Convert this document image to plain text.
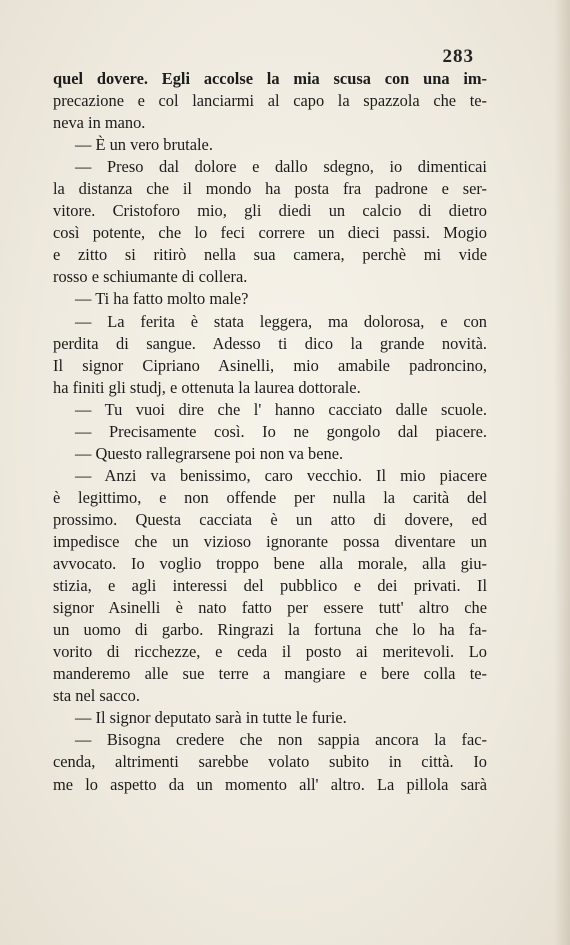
283
quel dovere. Egli accolse la mia scusa con una im-
precazione e col lanciarmi al capo la spazzola che te-
neva in mano.
— È un vero brutale.
— Preso dal dolore e dallo sdegno, io dimenticai
la distanza che il mondo ha posta fra padrone e ser-
vitore. Cristoforo mio, gli diedi un calcio di dietro
così potente, che lo feci correre un dieci passi. Mogio
e zitto si ritirò nella sua camera, perchè mi vide
rosso e schiumante di collera.
— Ti ha fatto molto male?
— La ferita è stata leggera, ma dolorosa, e con
perdita di sangue. Adesso ti dico la grande novità.
Il signor Cipriano Asinelli, mio amabile padroncino,
ha finiti gli studj, e ottenuta la laurea dottorale.
— Tu vuoi dire che l' hanno cacciato dalle scuole.
— Precisamente così. Io ne gongolo dal piacere.
— Questo rallegrarsene poi non va bene.
— Anzi va benissimo, caro vecchio. Il mio piacere
è legittimo, e non offende per nulla la carità del
prossimo. Questa cacciata è un atto di dovere, ed
impedisce che un vizioso ignorante possa diventare un
avvocato. Io voglio troppo bene alla morale, alla giu-
stizia, e agli interessi del pubblico e dei privati. Il
signor Asinelli è nato fatto per essere tutt' altro che
un uomo di garbo. Ringrazi la fortuna che lo ha fa-
vorito di ricchezze, e ceda il posto ai meritevoli. Lo
manderemo alle sue terre a mangiare e bere colla te-
sta nel sacco.
— Il signor deputato sarà in tutte le furie.
— Bisogna credere che non sappia ancora la fac-
cenda, altrimenti sarebbe volato subito in città. Io
me lo aspetto da un momento all' altro. La pillola sarà
